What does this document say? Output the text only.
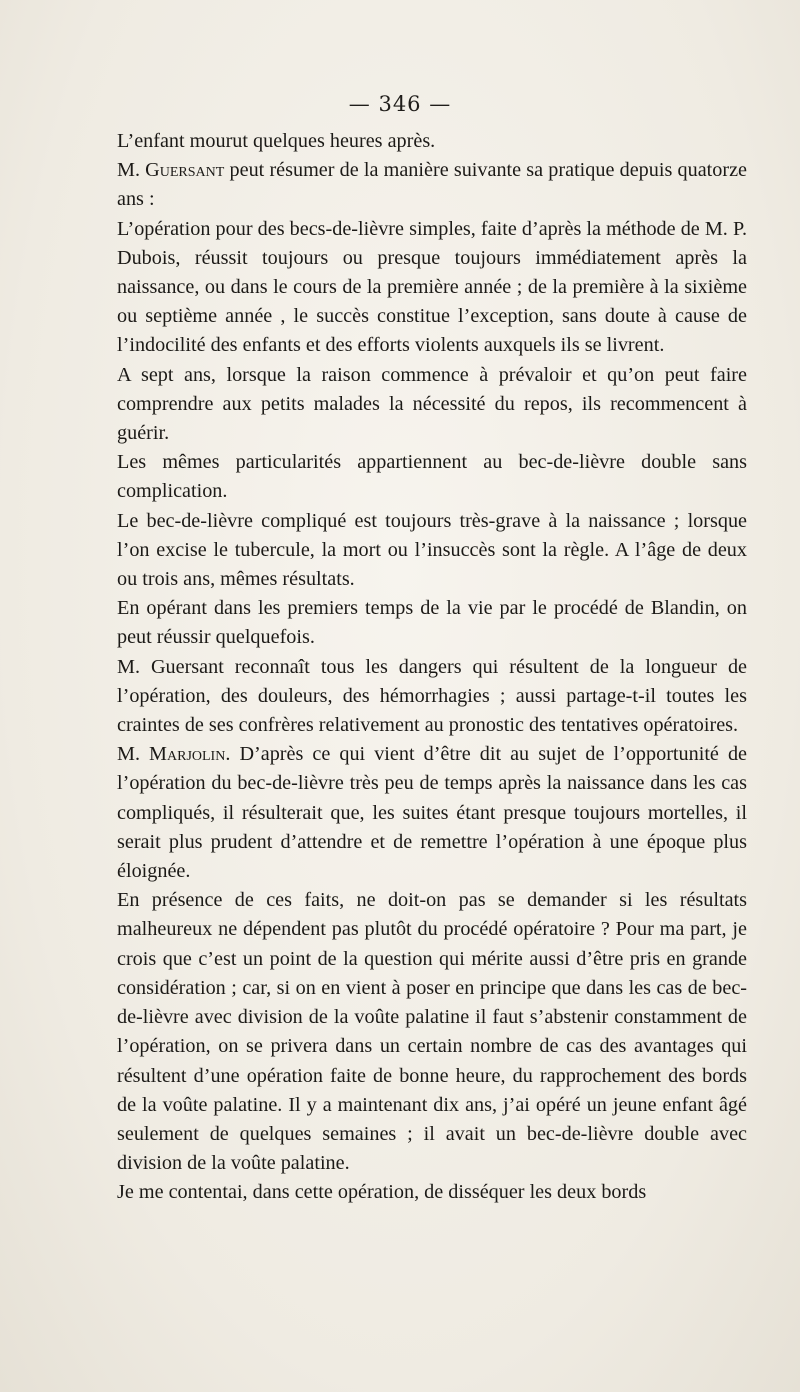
— 346 —

L’enfant mourut quelques heures après.

M. Guersant peut résumer de la manière suivante sa pratique depuis quatorze ans :

L’opération pour des becs-de-lièvre simples, faite d’après la méthode de M. P. Dubois, réussit toujours ou presque toujours immédiatement après la naissance, ou dans le cours de la première année ; de la première à la sixième ou septième année , le succès constitue l’exception, sans doute à cause de l’indocilité des enfants et des efforts violents auxquels ils se livrent.

A sept ans, lorsque la raison commence à prévaloir et qu’on peut faire comprendre aux petits malades la nécessité du repos, ils recommencent à guérir.

Les mêmes particularités appartiennent au bec-de-lièvre double sans complication.

Le bec-de-lièvre compliqué est toujours très-grave à la naissance ; lorsque l’on excise le tubercule, la mort ou l’insuccès sont la règle. A l’âge de deux ou trois ans, mêmes résultats.

En opérant dans les premiers temps de la vie par le procédé de Blandin, on peut réussir quelquefois.

M. Guersant reconnaît tous les dangers qui résultent de la longueur de l’opération, des douleurs, des hémorrhagies ; aussi partage-t-il toutes les craintes de ses confrères relativement au pronostic des tentatives opératoires.

M. Marjolin. D’après ce qui vient d’être dit au sujet de l’opportunité de l’opération du bec-de-lièvre très peu de temps après la naissance dans les cas compliqués, il résulterait que, les suites étant presque toujours mortelles, il serait plus prudent d’attendre et de remettre l’opération à une époque plus éloignée.

En présence de ces faits, ne doit-on pas se demander si les résultats malheureux ne dépendent pas plutôt du procédé opératoire ? Pour ma part, je crois que c’est un point de la question qui mérite aussi d’être pris en grande considération ; car, si on en vient à poser en principe que dans les cas de bec-de-lièvre avec division de la voûte palatine il faut s’abstenir constamment de l’opération, on se privera dans un certain nombre de cas des avantages qui résultent d’une opération faite de bonne heure, du rapprochement des bords de la voûte palatine. Il y a maintenant dix ans, j’ai opéré un jeune enfant âgé seulement de quelques semaines ; il avait un bec-de-lièvre double avec division de la voûte palatine.

Je me contentai, dans cette opération, de disséquer les deux bords
